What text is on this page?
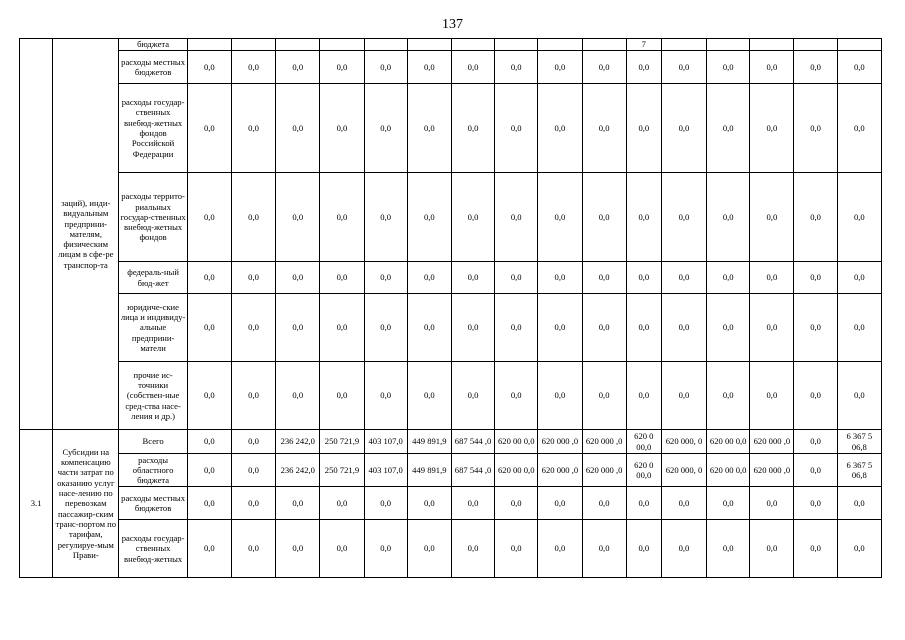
137
	заций), инди-видуальным предприни-мателям, физическим лицам в сфе-ре транспор-та	бюджета											7					
		расходы местных бюджетов	0,0	0,0	0,0	0,0	0,0	0,0	0,0	0,0	0,0	0,0	0,0	0,0	0,0	0,0	0,0	0,0
		расходы государ-ственных внебюд-жетных фондов Российской Федерации	0,0	0,0	0,0	0,0	0,0	0,0	0,0	0,0	0,0	0,0	0,0	0,0	0,0	0,0	0,0	0,0
		расходы террито-риальных государ-ственных внебюд-жетных фондов	0,0	0,0	0,0	0,0	0,0	0,0	0,0	0,0	0,0	0,0	0,0	0,0	0,0	0,0	0,0	0,0
		федераль-ный бюд-жет	0,0	0,0	0,0	0,0	0,0	0,0	0,0	0,0	0,0	0,0	0,0	0,0	0,0	0,0	0,0	0,0
		юридиче-ские лица и индивиду-альные предприни-матели	0,0	0,0	0,0	0,0	0,0	0,0	0,0	0,0	0,0	0,0	0,0	0,0	0,0	0,0	0,0	0,0
		прочие ис-точники (собствен-ные сред-ства насе-ления и др.)	0,0	0,0	0,0	0,0	0,0	0,0	0,0	0,0	0,0	0,0	0,0	0,0	0,0	0,0	0,0	0,0
3.1	Субсидии на компенсацию части затрат по оказанию услуг насе-лению по перевозкам пассажир-ским транс-портом по тарифам, регулируе-мым Прави-	Всего	0,0	0,0	236 242,0	250 721,9	403 107,0	449 891,9	687 544 ,0	620 00 0,0	620 000 ,0	620 000 ,0	620 0 00,0	620 000, 0	620 00 0,0	620 000 ,0	0,0	6 367 5 06,8
		расходы областного бюджета	0,0	0,0	236 242,0	250 721,9	403 107,0	449 891,9	687 544 ,0	620 00 0,0	620 000 ,0	620 000 ,0	620 0 00,0	620 000, 0	620 00 0,0	620 000 ,0	0,0	6 367 5 06,8
		расходы местных бюджетов	0,0	0,0	0,0	0,0	0,0	0,0	0,0	0,0	0,0	0,0	0,0	0,0	0,0	0,0	0,0	0,0
		расходы государ-ственных внебюд-жетных	0,0	0,0	0,0	0,0	0,0	0,0	0,0	0,0	0,0	0,0	0,0	0,0	0,0	0,0	0,0	0,0
